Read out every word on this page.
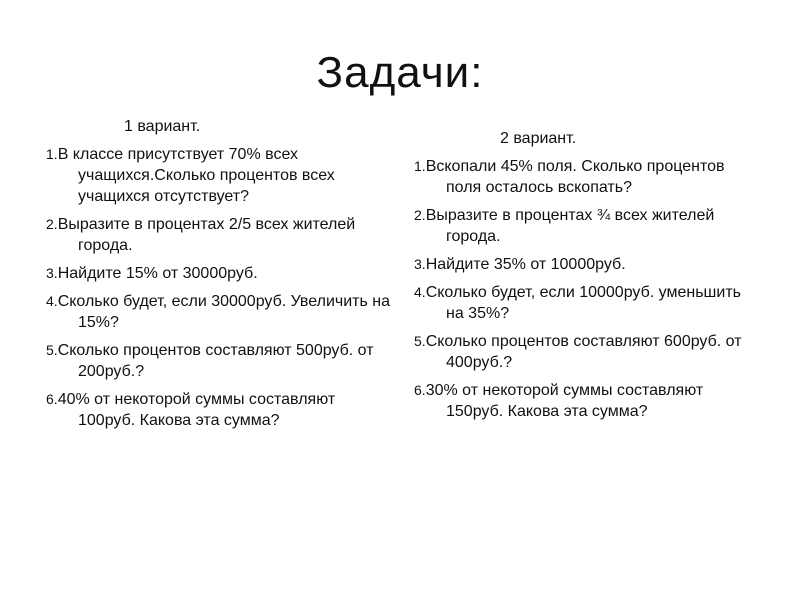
Задачи:
1 вариант.
1.В классе присутствует 70% всех учащихся.Сколько процентов всех учащихся отсутствует?
2.Выразите в процентах 2/5 всех жителей города.
3.Найдите 15% от 30000руб.
4.Сколько будет, если 30000руб. Увеличить на 15%?
5.Сколько процентов составляют 500руб. от 200руб.?
6.40% от некоторой суммы составляют 100руб. Какова эта сумма?
2 вариант.
1.Вскопали 45% поля. Сколько процентов поля осталось вскопать?
2.Выразите в процентах ¾ всех жителей города.
3.Найдите 35% от 10000руб.
4.Сколько будет, если 10000руб. уменьшить на 35%?
5.Сколько процентов составляют 600руб. от 400руб.?
6.30% от некоторой суммы составляют 150руб. Какова эта сумма?
